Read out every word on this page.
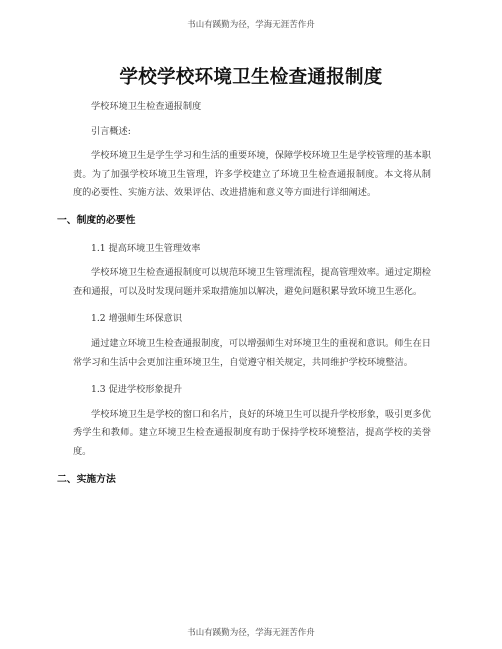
书山有蹊勤为径，学海无涯苦作舟
学校学校环境卫生检查通报制度

学校环境卫生检查通报制度

引言概述:

学校环境卫生是学生学习和生活的重要环境，保障学校环境卫生是学校管理的基本职责。为了加强学校环境卫生管理，许多学校建立了环境卫生检查通报制度。本文将从制度的必要性、实施方法、效果评估、改进措施和意义等方面进行详细阐述。

一、制度的必要性

1.1 提高环境卫生管理效率

学校环境卫生检查通报制度可以规范环境卫生管理流程，提高管理效率。通过定期检查和通报，可以及时发现问题并采取措施加以解决，避免问题积累导致环境卫生恶化。

1.2 增强师生环保意识

通过建立环境卫生检查通报制度，可以增强师生对环境卫生的重视和意识。师生在日常学习和生活中会更加注重环境卫生，自觉遵守相关规定，共同维护学校环境整洁。

1.3 促进学校形象提升

学校环境卫生是学校的窗口和名片，良好的环境卫生可以提升学校形象，吸引更多优秀学生和教师。建立环境卫生检查通报制度有助于保持学校环境整洁，提高学校的美誉度。

二、实施方法
书山有蹊勤为径，学海无涯苦作舟
